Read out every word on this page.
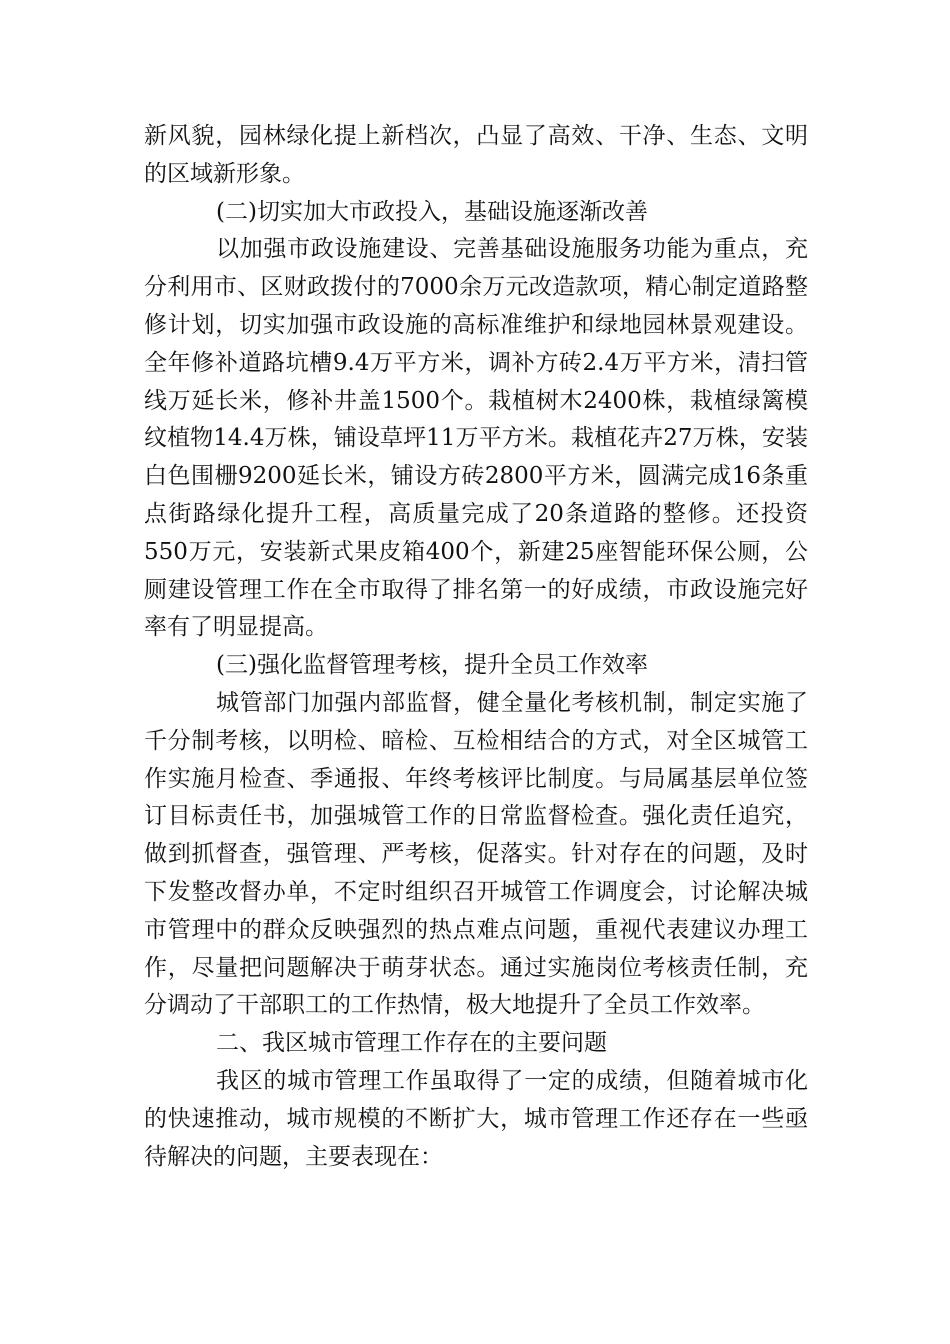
新风貌，园林绿化提上新档次，凸显了高效、干净、生态、文明的区域新形象。

(二)切实加大市政投入，基础设施逐渐改善

以加强市政设施建设、完善基础设施服务功能为重点，充分利用市、区财政拨付的7000余万元改造款项，精心制定道路整修计划，切实加强市政设施的高标准维护和绿地园林景观建设。全年修补道路坑槽9.4万平方米，调补方砖2.4万平方米，清扫管线万延长米，修补井盖1500个。栽植树木2400株，栽植绿篱模纹植物14.4万株，铺设草坪11万平方米。栽植花卉27万株，安装白色围栅9200延长米，铺设方砖2800平方米，圆满完成16条重点街路绿化提升工程，高质量完成了20条道路的整修。还投资550万元，安装新式果皮箱400个，新建25座智能环保公厕，公厕建设管理工作在全市取得了排名第一的好成绩，市政设施完好率有了明显提高。

(三)强化监督管理考核，提升全员工作效率

城管部门加强内部监督，健全量化考核机制，制定实施了千分制考核，以明检、暗检、互检相结合的方式，对全区城管工作实施月检查、季通报、年终考核评比制度。与局属基层单位签订目标责任书，加强城管工作的日常监督检查。强化责任追究，做到抓督查，强管理、严考核，促落实。针对存在的问题，及时下发整改督办单，不定时组织召开城管工作调度会，讨论解决城市管理中的群众反映强烈的热点难点问题，重视代表建议办理工作，尽量把问题解决于萌芽状态。通过实施岗位考核责任制，充分调动了干部职工的工作热情，极大地提升了全员工作效率。

二、我区城市管理工作存在的主要问题

我区的城市管理工作虽取得了一定的成绩，但随着城市化的快速推动，城市规模的不断扩大，城市管理工作还存在一些亟待解决的问题，主要表现在：
